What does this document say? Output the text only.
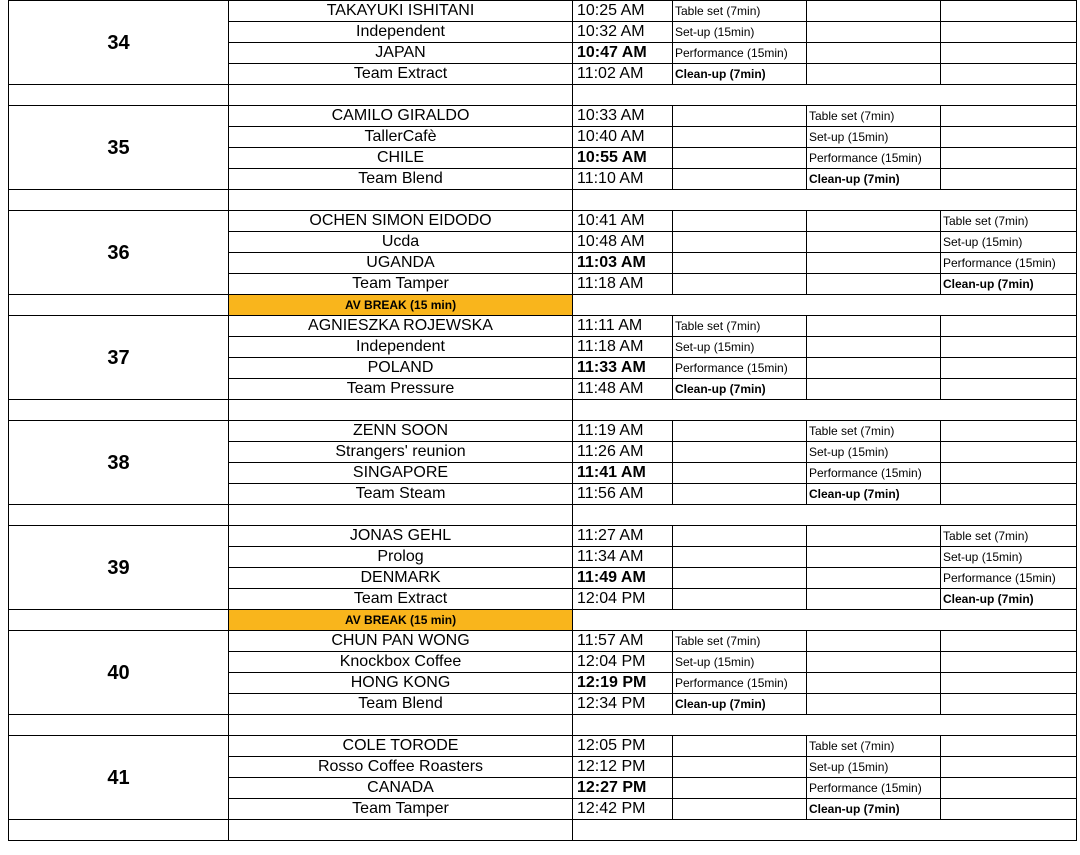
34	TAKAYUKI ISHITANI	10:25 AM	Table set (7min)		
	Independent	10:32 AM	Set-up (15min)		
	JAPAN	10:47 AM	Performance (15min)		
	Team Extract	11:02 AM	Clean-up (7min)		

35	CAMILO GIRALDO	10:33 AM		Table set (7min)	
	TallerCafè	10:40 AM		Set-up (15min)	
	CHILE	10:55 AM		Performance (15min)	
	Team Blend	11:10 AM		Clean-up (7min)	

36	OCHEN SIMON EIDODO	10:41 AM			Table set (7min)
	Ucda	10:48 AM			Set-up (15min)
	UGANDA	11:03 AM			Performance (15min)
	Team Tamper	11:18 AM			Clean-up (7min)
	AV BREAK (15 min)				
37	AGNIESZKA ROJEWSKA	11:11 AM	Table set (7min)		
	Independent	11:18 AM	Set-up (15min)		
	POLAND	11:33 AM	Performance (15min)		
	Team Pressure	11:48 AM	Clean-up (7min)		

38	ZENN SOON	11:19 AM		Table set (7min)	
	Strangers' reunion	11:26 AM		Set-up (15min)	
	SINGAPORE	11:41 AM		Performance (15min)	
	Team Steam	11:56 AM		Clean-up (7min)	

39	JONAS GEHL	11:27 AM			Table set (7min)
	Prolog	11:34 AM			Set-up (15min)
	DENMARK	11:49 AM			Performance (15min)
	Team Extract	12:04 PM			Clean-up (7min)
	AV BREAK (15 min)				
40	CHUN PAN WONG	11:57 AM	Table set (7min)		
	Knockbox Coffee	12:04 PM	Set-up (15min)		
	HONG KONG	12:19 PM	Performance (15min)		
	Team Blend	12:34 PM	Clean-up (7min)		

41	COLE TORODE	12:05 PM		Table set (7min)	
	Rosso Coffee Roasters	12:12 PM		Set-up (15min)	
	CANADA	12:27 PM		Performance (15min)	
	Team Tamper	12:42 PM		Clean-up (7min)	
